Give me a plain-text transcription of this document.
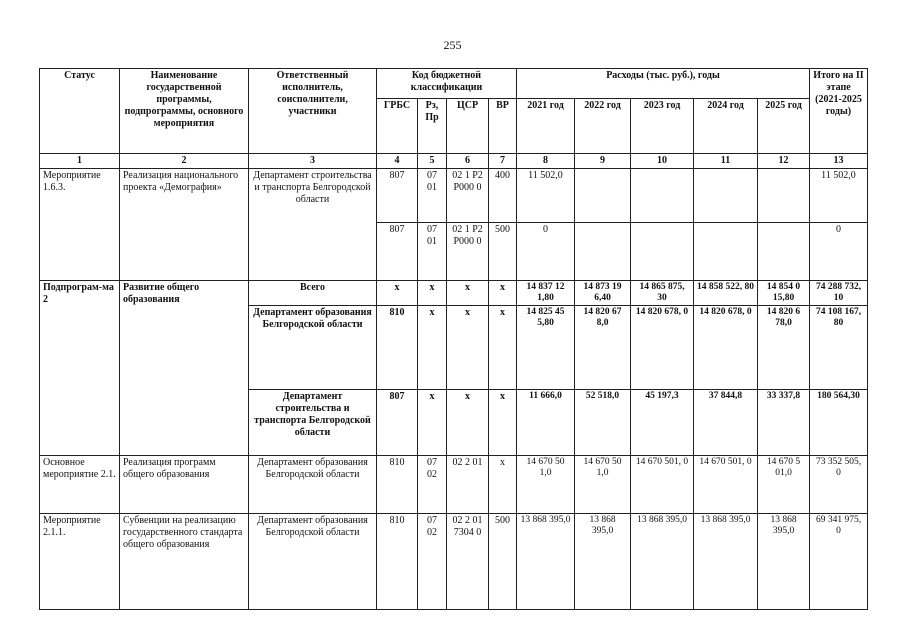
255
Статус	Наименование государственной программы, подпрограммы, основного мероприятия	Ответственный исполнитель, соисполнители, участники	Код бюджетной классификации				Расходы (тыс. руб.), годы					Итого на II этапе (2021-2025 годы)
			ГРБС	Рз, Пр	ЦСР	ВР	2021 год	2022 год	2023 год	2024 год	2025 год	
1	2	3	4	5	6	7	8	9	10	11	12	13
Мероприятие 1.6.3.	Реализация национального проекта «Демография»	Департамент строительства и транспорта Белгородской области	807	07 01	02 1 P2 P000 0	400	11 502,0					11 502,0
			807	07 01	02 1 P2 P000 0	500	0					0
Подпрограм-ма 2	Развитие общего образования	Всего	x	x	x	x	14 837 12 1,80	14 873 19 6,40	14 865 875, 30	14 858 522, 80	14 854 0 15,80	74 288 732, 10
		Департамент образования Белгородской области	810	x	x	x	14 825 45 5,80	14 820 67 8,0	14 820 678, 0	14 820 678, 0	14 820 6 78,0	74 108 167, 80
		Департамент строительства и транспорта Белгородской области	807	x	x	x	11 666,0	52 518,0	45 197,3	37 844,8	33 337,8	180 564,30
Основное мероприятие 2.1.	Реализация программ общего образования	Департамент образования Белгородской области	810	07 02	02 2 01	x	14 670 50 1,0	14 670 50 1,0	14 670 501, 0	14 670 501, 0	14 670 5 01,0	73 352 505, 0
Мероприятие 2.1.1.	Субвенции на реализацию государственного стандарта общего образования	Департамент образования Белгородской области	810	07 02	02 2 01 7304 0	500	13 868 395,0	13 868 395,0	13 868 395,0	13 868 395,0	13 868 395,0	69 341 975, 0
